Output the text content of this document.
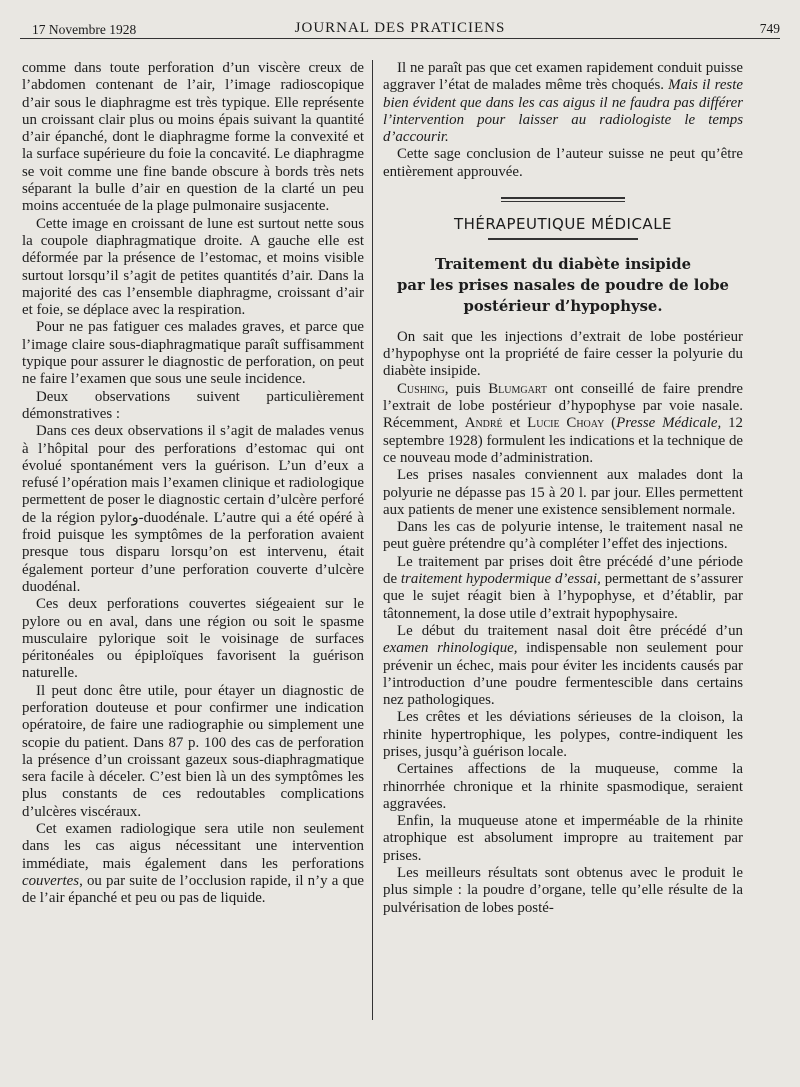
17 Novembre 1928	JOURNAL DES PRATICIENS	749

comme dans toute perforation d’un viscère creux de l’abdomen contenant de l’air, l’image radioscopique d’air sous le diaphragme est très typique. Elle représente un croissant clair plus ou moins épais suivant la quantité d’air épanché, dont le diaphragme forme la convexité et la surface supérieure du foie la concavité. Le diaphragme se voit comme une fine bande obscure à bords très nets séparant la bulle d’air en question de la clarté un peu moins accentuée de la plage pulmonaire susjacente.

Cette image en croissant de lune est surtout nette sous la coupole diaphragmatique droite. A gauche elle est déformée par la présence de l’estomac, et moins visible surtout lorsqu’il s’agit de petites quantités d’air. Dans la majorité des cas l’ensemble diaphragme, croissant d’air et foie, se déplace avec la respiration.

Pour ne pas fatiguer ces malades graves, et parce que l’image claire sous-diaphragmatique paraît suffisamment typique pour assurer le diagnostic de perforation, on peut ne faire l’examen que sous une seule incidence.

Deux observations suivent particulièrement démonstratives :

Dans ces deux observations il s’agit de malades venus à l’hôpital pour des perforations d’estomac qui ont évolué spontanément vers la guérison. L’un d’eux a refusé l’opération mais l’examen clinique et radiologique permettent de poser le diagnostic certain d’ulcère perforé de la région pylorو-duodénale. L’autre qui a été opéré à froid puisque les symptômes de la perforation avaient presque tous disparu lorsqu’on est intervenu, était également porteur d’une perforation couverte d’ulcère duodénal.

Ces deux perforations couvertes siégeaient sur le pylore ou en aval, dans une région ou soit le spasme musculaire pylorique soit le voisinage de surfaces péritonéales ou épiploïques favorisent la guérison naturelle.

Il peut donc être utile, pour étayer un diagnostic de perforation douteuse et pour confirmer une indication opératoire, de faire une radiographie ou simplement une scopie du patient. Dans 87 p. 100 des cas de perforation la présence d’un croissant gazeux sous-diaphragmatique sera facile à déceler. C’est bien là un des symptômes les plus constants de ces redoutables complications d’ulcères viscéraux.

Cet examen radiologique sera utile non seulement dans les cas aigus nécessitant une intervention immédiate, mais également dans les perforations couvertes, ou par suite de l’occlusion rapide, il n’y a que de l’air épanché et peu ou pas de liquide.

Il ne paraît pas que cet examen rapidement conduit puisse aggraver l’état de malades même très choqués. Mais il reste bien évident que dans les cas aigus il ne faudra pas différer l’intervention pour laisser au radiologiste le temps d’accourir.

Cette sage conclusion de l’auteur suisse ne peut qu’être entièrement approuvée.

THÉRAPEUTIQUE MÉDICALE
Traitement du diabète insipide
par les prises nasales de poudre de lobe
postérieur d’hypophyse.

On sait que les injections d’extrait de lobe postérieur d’hypophyse ont la propriété de faire cesser la polyurie du diabète insipide.

Cushing, puis Blumgart ont conseillé de faire prendre l’extrait de lobe postérieur d’hypophyse par voie nasale. Récemment, André et Lucie Choay (Presse Médicale, 12 septembre 1928) formulent les indications et la technique de ce nouveau mode d’administration.

Les prises nasales conviennent aux malades dont la polyurie ne dépasse pas 15 à 20 l. par jour. Elles permettent aux patients de mener une existence sensiblement normale.

Dans les cas de polyurie intense, le traitement nasal ne peut guère prétendre qu’à compléter l’effet des injections.

Le traitement par prises doit être précédé d’une période de traitement hypodermique d’essai, permettant de s’assurer que le sujet réagit bien à l’hypophyse, et d’établir, par tâtonnement, la dose utile d’extrait hypophysaire.

Le début du traitement nasal doit être précédé d’un examen rhinologique, indispensable non seulement pour prévenir un échec, mais pour éviter les incidents causés par l’introduction d’une poudre fermentescible dans certains nez pathologiques.

Les crêtes et les déviations sérieuses de la cloison, la rhinite hypertrophique, les polypes, contre-indiquent les prises, jusqu’à guérison locale.

Certaines affections de la muqueuse, comme la rhinorrhée chronique et la rhinite spasmodique, seraient aggravées.

Enfin, la muqueuse atone et imperméable de la rhinite atrophique est absolument impropre au traitement par prises.

Les meilleurs résultats sont obtenus avec le produit le plus simple : la poudre d’organe, telle qu’elle résulte de la pulvérisation de lobes posté-
